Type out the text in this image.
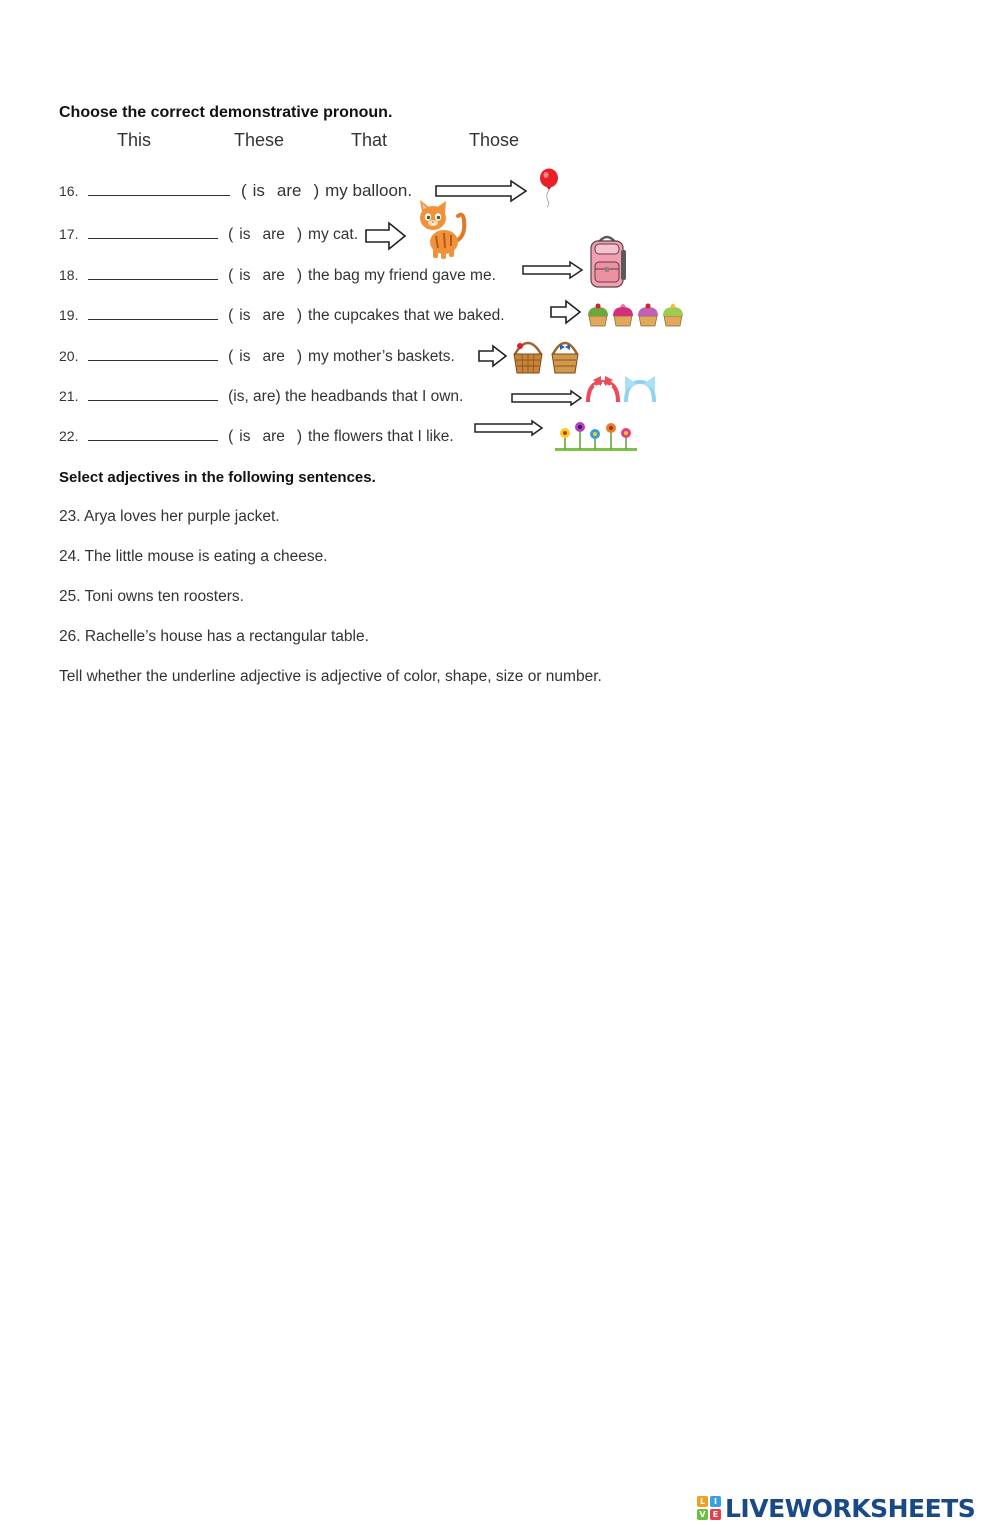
Choose the correct demonstrative pronoun.
This	These	That	Those
16.	( is are ) my balloon.
17.	( is are ) my cat.
18.	( is are ) the bag my friend gave me.
19.	( is are ) the cupcakes that we baked.
20.	( is are ) my mother’s baskets.
21.	(is, are) the headbands that I own.
22.	( is are ) the flowers that I like.
Select adjectives in the following sentences.
23. Arya loves her purple jacket.
24. The little mouse is eating a cheese.
25. Toni owns ten roosters.
26. Rachelle’s house has a rectangular table.
Tell whether the underline adjective is adjective of color, shape, size or number.
L	I
V E LIVEWORKSHEETS
